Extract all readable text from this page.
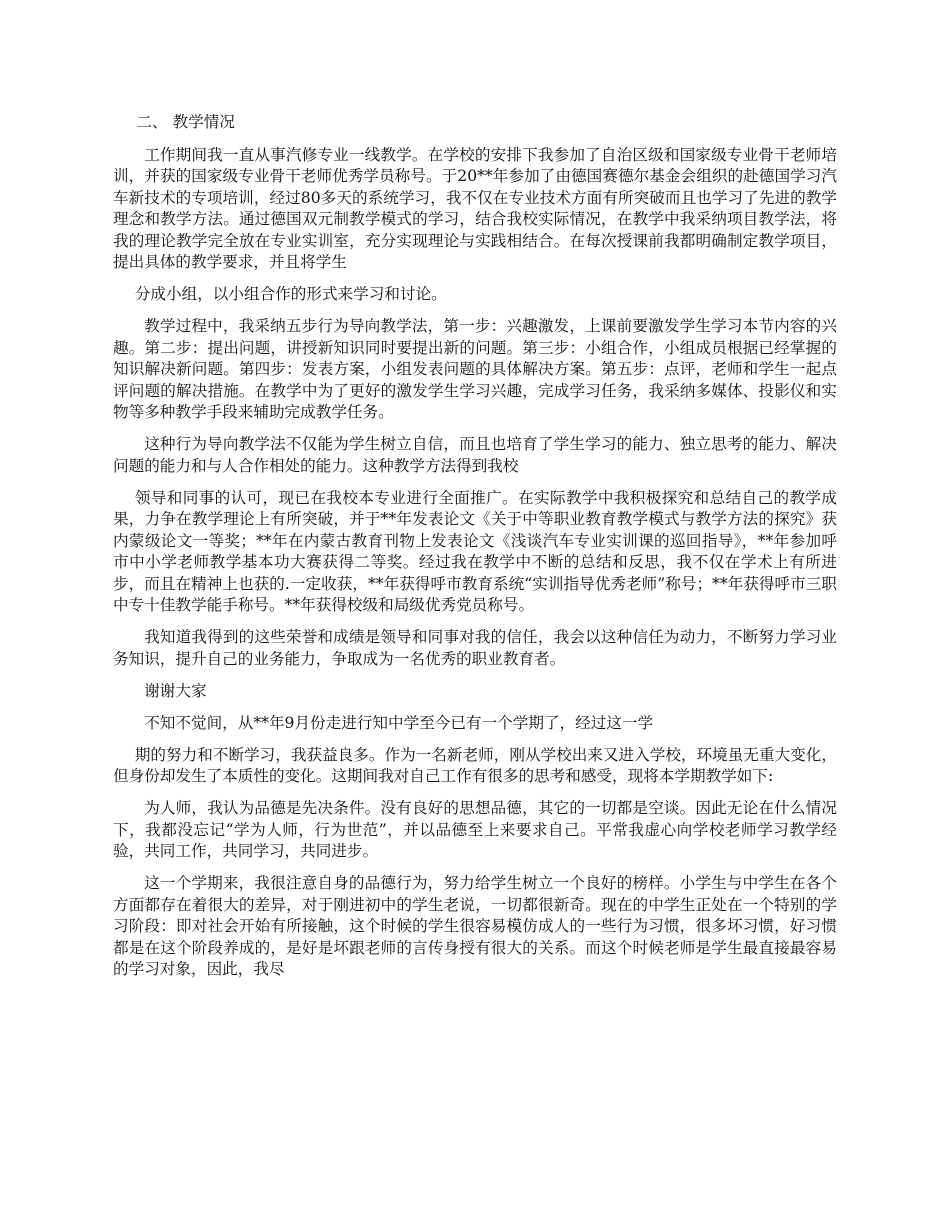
二、 教学情况

工作期间我一直从事汽修专业一线教学。在学校的安排下我参加了自治区级和国家级专业骨干老师培训，并获的国家级专业骨干老师优秀学员称号。于20**年参加了由德国赛德尔基金会组织的赴德国学习汽车新技术的专项培训，经过80多天的系统学习，我不仅在专业技术方面有所突破而且也学习了先进的教学理念和教学方法。通过德国双元制教学模式的学习，结合我校实际情况，在教学中我采纳项目教学法，将我的理论教学完全放在专业实训室，充分实现理论与实践相结合。在每次授课前我都明确制定教学项目，提出具体的教学要求，并且将学生

分成小组，以小组合作的形式来学习和讨论。

教学过程中，我采纳五步行为导向教学法，第一步：兴趣激发，上课前要激发学生学习本节内容的兴趣。第二步：提出问题，讲授新知识同时要提出新的问题。第三步：小组合作，小组成员根据已经掌握的知识解决新问题。第四步：发表方案，小组发表问题的具体解决方案。第五步：点评，老师和学生一起点评问题的解决措施。在教学中为了更好的激发学生学习兴趣，完成学习任务，我采纳多媒体、投影仪和实物等多种教学手段来辅助完成教学任务。

这种行为导向教学法不仅能为学生树立自信，而且也培育了学生学习的能力、独立思考的能力、解决问题的能力和与人合作相处的能力。这种教学方法得到我校

领导和同事的认可，现已在我校本专业进行全面推广。在实际教学中我积极探究和总结自己的教学成果，力争在教学理论上有所突破，并于**年发表论文《关于中等职业教育教学模式与教学方法的探究》获内蒙级论文一等奖；**年在内蒙古教育刊物上发表论文《浅谈汽车专业实训课的巡回指导》，**年参加呼市中小学老师教学基本功大赛获得二等奖。经过我在教学中不断的总结和反思，我不仅在学术上有所进步，而且在精神上也获的.一定收获，**年获得呼市教育系统“实训指导优秀老师”称号；**年获得呼市三职中专十佳教学能手称号。**年获得校级和局级优秀党员称号。

我知道我得到的这些荣誉和成绩是领导和同事对我的信任，我会以这种信任为动力，不断努力学习业务知识，提升自己的业务能力，争取成为一名优秀的职业教育者。

谢谢大家

不知不觉间，从**年9月份走进行知中学至今已有一个学期了，经过这一学

期的努力和不断学习，我获益良多。作为一名新老师，刚从学校出来又进入学校，环境虽无重大变化，但身份却发生了本质性的变化。这期间我对自己工作有很多的思考和感受，现将本学期教学如下:

为人师，我认为品德是先决条件。没有良好的思想品德，其它的一切都是空谈。因此无论在什么情况下，我都没忘记“学为人师，行为世范”，并以品德至上来要求自己。平常我虚心向学校老师学习教学经验，共同工作，共同学习，共同进步。

这一个学期来，我很注意自身的品德行为，努力给学生树立一个良好的榜样。小学生与中学生在各个方面都存在着很大的差异，对于刚进初中的学生老说，一切都很新奇。现在的中学生正处在一个特别的学习阶段：即对社会开始有所接触，这个时候的学生很容易模仿成人的一些行为习惯，很多坏习惯，好习惯都是在这个阶段养成的，是好是坏跟老师的言传身授有很大的关系。而这个时候老师是学生最直接最容易的学习对象，因此，我尽
